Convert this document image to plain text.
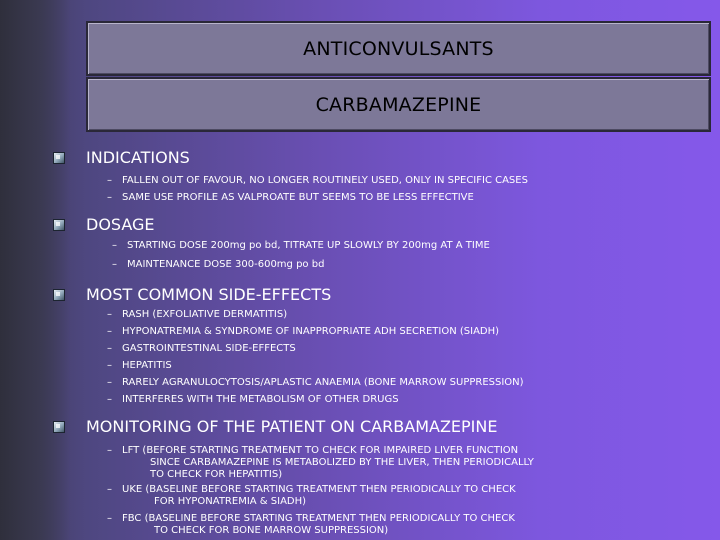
ANTICONVULSANTS
CARBAMAZEPINE
INDICATIONS
– FALLEN OUT OF FAVOUR, NO LONGER ROUTINELY USED, ONLY IN SPECIFIC CASES
– SAME USE PROFILE AS VALPROATE BUT SEEMS TO BE LESS EFFECTIVE
DOSAGE
– STARTING DOSE 200mg po bd, TITRATE UP SLOWLY BY 200mg AT A TIME
– MAINTENANCE DOSE 300-600mg po bd
MOST COMMON SIDE-EFFECTS
– RASH (EXFOLIATIVE DERMATITIS)
– HYPONATREMIA & SYNDROME OF INAPPROPRIATE ADH SECRETION (SIADH)
– GASTROINTESTINAL SIDE-EFFECTS
– HEPATITIS
– RARELY AGRANULOCYTOSIS/APLASTIC ANAEMIA (BONE MARROW SUPPRESSION)
– INTERFERES WITH THE METABOLISM OF OTHER DRUGS
MONITORING OF THE PATIENT ON CARBAMAZEPINE
– LFT (BEFORE STARTING TREATMENT TO CHECK FOR IMPAIRED LIVER FUNCTION
SINCE CARBAMAZEPINE IS METABOLIZED BY THE LIVER, THEN PERIODICALLY
TO CHECK FOR HEPATITIS)
– UKE (BASELINE BEFORE STARTING TREATMENT THEN PERIODICALLY TO CHECK
FOR HYPONATREMIA & SIADH)
– FBC (BASELINE BEFORE STARTING TREATMENT THEN PERIODICALLY TO CHECK
TO CHECK FOR BONE MARROW SUPPRESSION)
